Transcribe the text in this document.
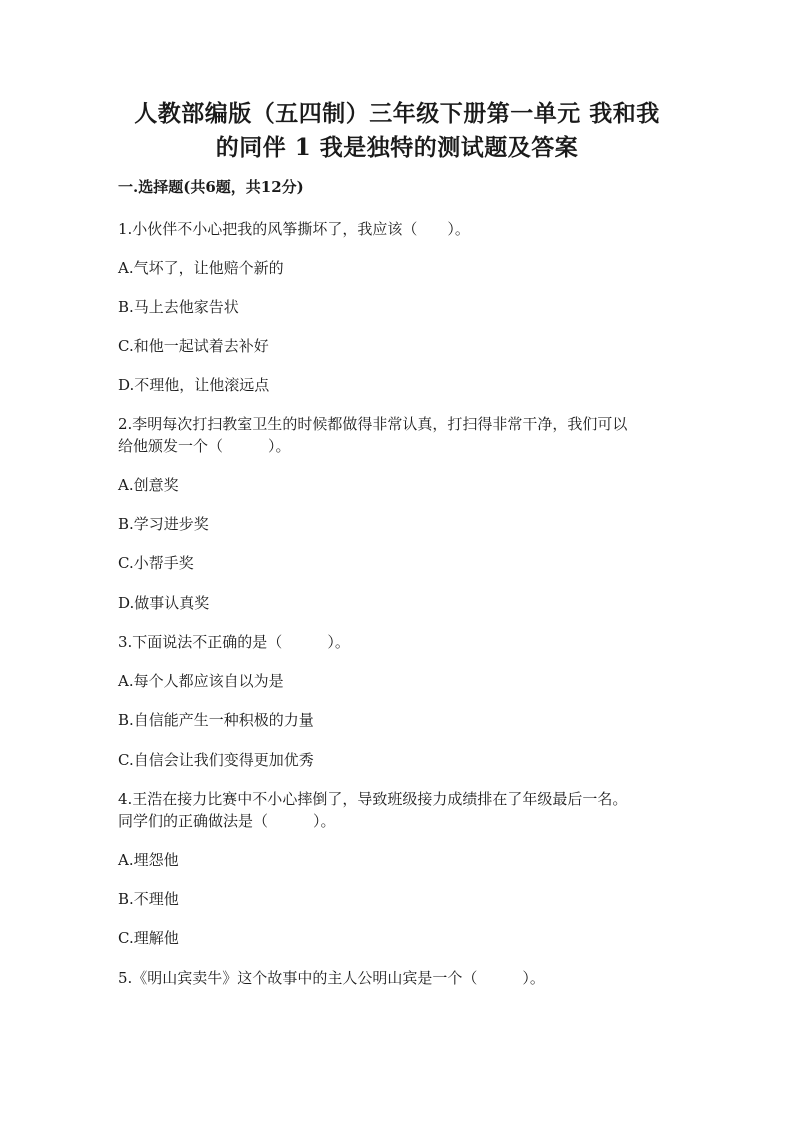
人教部编版（五四制）三年级下册第一单元 我和我
的同伴 1 我是独特的测试题及答案
一.选择题(共6题，共12分)
1.小伙伴不小心把我的风筝撕坏了，我应该（　　）。
A.气坏了，让他赔个新的
B.马上去他家告状
C.和他一起试着去补好
D.不理他，让他滚远点
2.李明每次打扫教室卫生的时候都做得非常认真，打扫得非常干净，我们可以
给他颁发一个（　　　）。
A.创意奖
B.学习进步奖
C.小帮手奖
D.做事认真奖
3.下面说法不正确的是（　　　）。
A.每个人都应该自以为是
B.自信能产生一种积极的力量
C.自信会让我们变得更加优秀
4.王浩在接力比赛中不小心摔倒了，导致班级接力成绩排在了年级最后一名。
同学们的正确做法是（　　　）。
A.埋怨他
B.不理他
C.理解他
5.《明山宾卖牛》这个故事中的主人公明山宾是一个（　　　）。
